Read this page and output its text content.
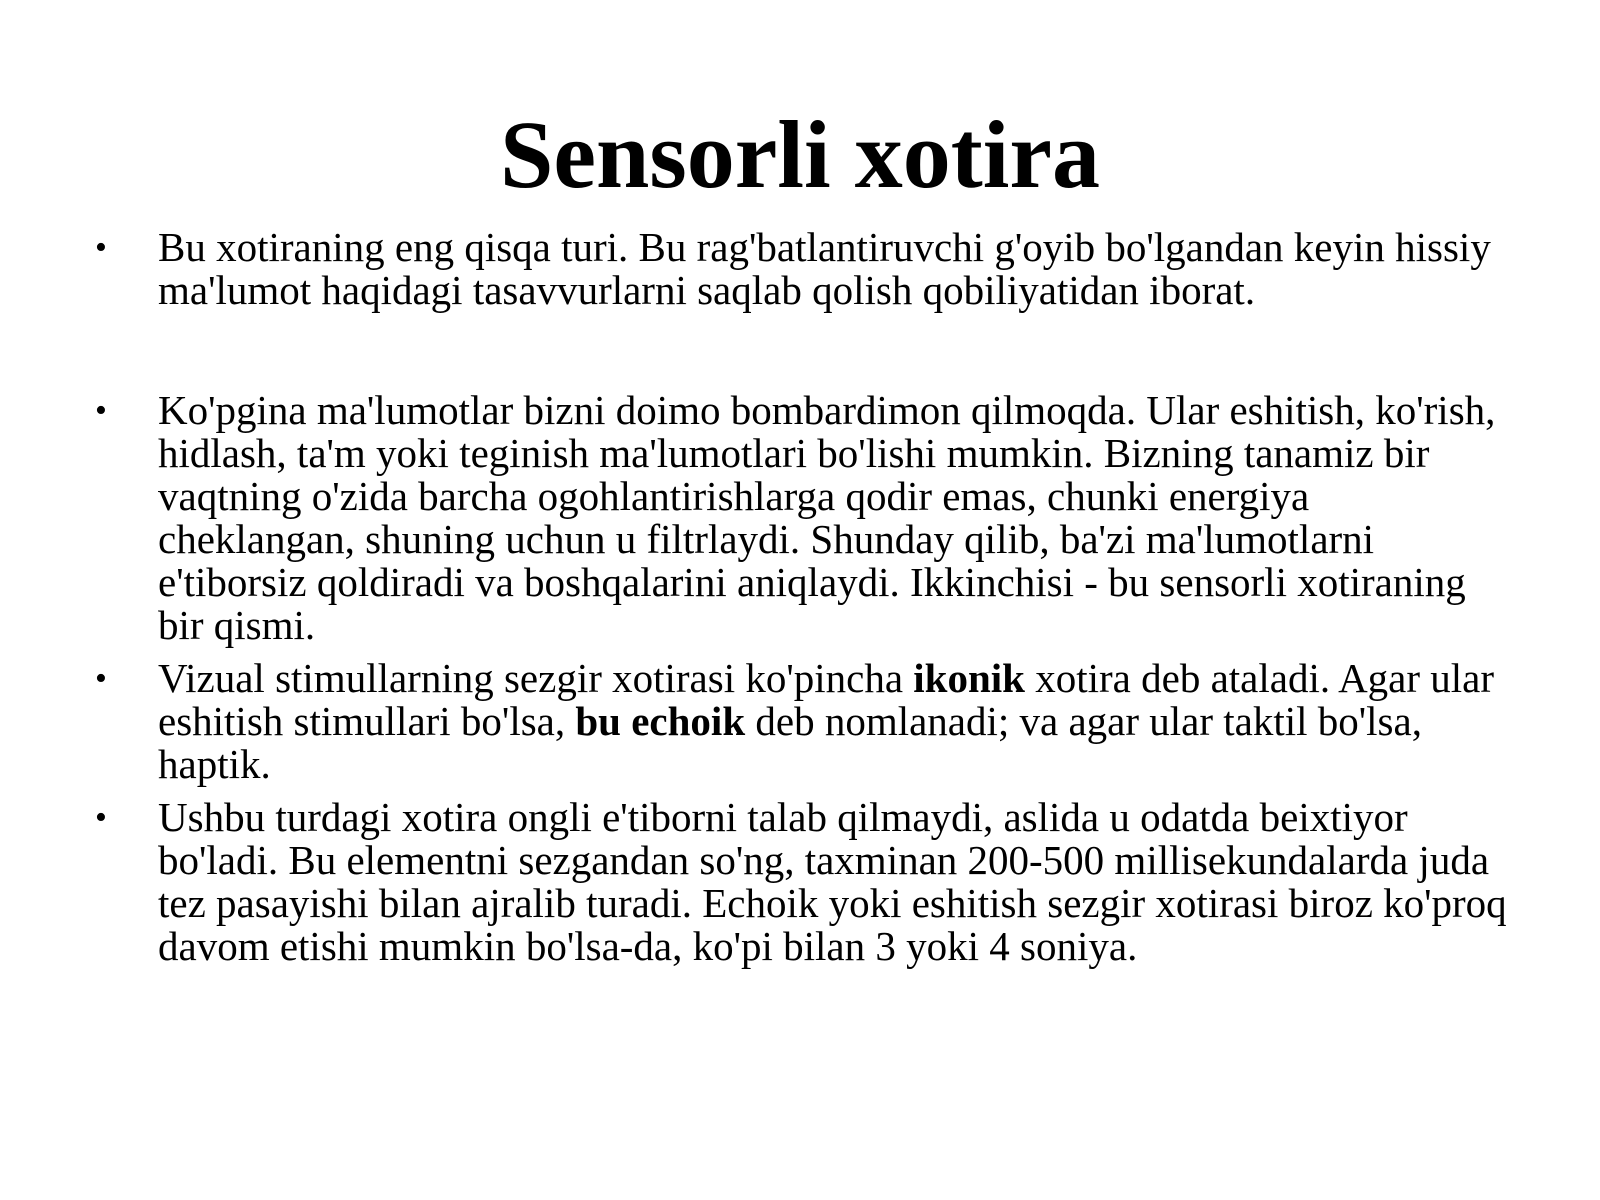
Sensorli xotira
• Bu xotiraning eng qisqa turi. Bu rag'batlantiruvchi g'oyib bo'lgandan keyin hissiy ma'lumot haqidagi tasavvurlarni saqlab qolish qobiliyatidan iborat.
• Ko'pgina ma'lumotlar bizni doimo bombardimon qilmoqda. Ular eshitish, ko'rish, hidlash, ta'm yoki teginish ma'lumotlari bo'lishi mumkin. Bizning tanamiz bir vaqtning o'zida barcha ogohlantirishlarga qodir emas, chunki energiya cheklangan, shuning uchun u filtrlaydi. Shunday qilib, ba'zi ma'lumotlarni e'tiborsiz qoldiradi va boshqalarini aniqlaydi. Ikkinchisi - bu sensorli xotiraning bir qismi.
• Vizual stimullarning sezgir xotirasi ko'pincha ikonik xotira deb ataladi. Agar ular eshitish stimullari bo'lsa, bu echoik deb nomlanadi; va agar ular taktil bo'lsa, haptik.
• Ushbu turdagi xotira ongli e'tiborni talab qilmaydi, aslida u odatda beixtiyor bo'ladi. Bu elementni sezgandan so'ng, taxminan 200-500 millisekundalarda juda tez pasayishi bilan ajralib turadi. Echoik yoki eshitish sezgir xotirasi biroz ko'proq davom etishi mumkin bo'lsa-da, ko'pi bilan 3 yoki 4 soniya.
